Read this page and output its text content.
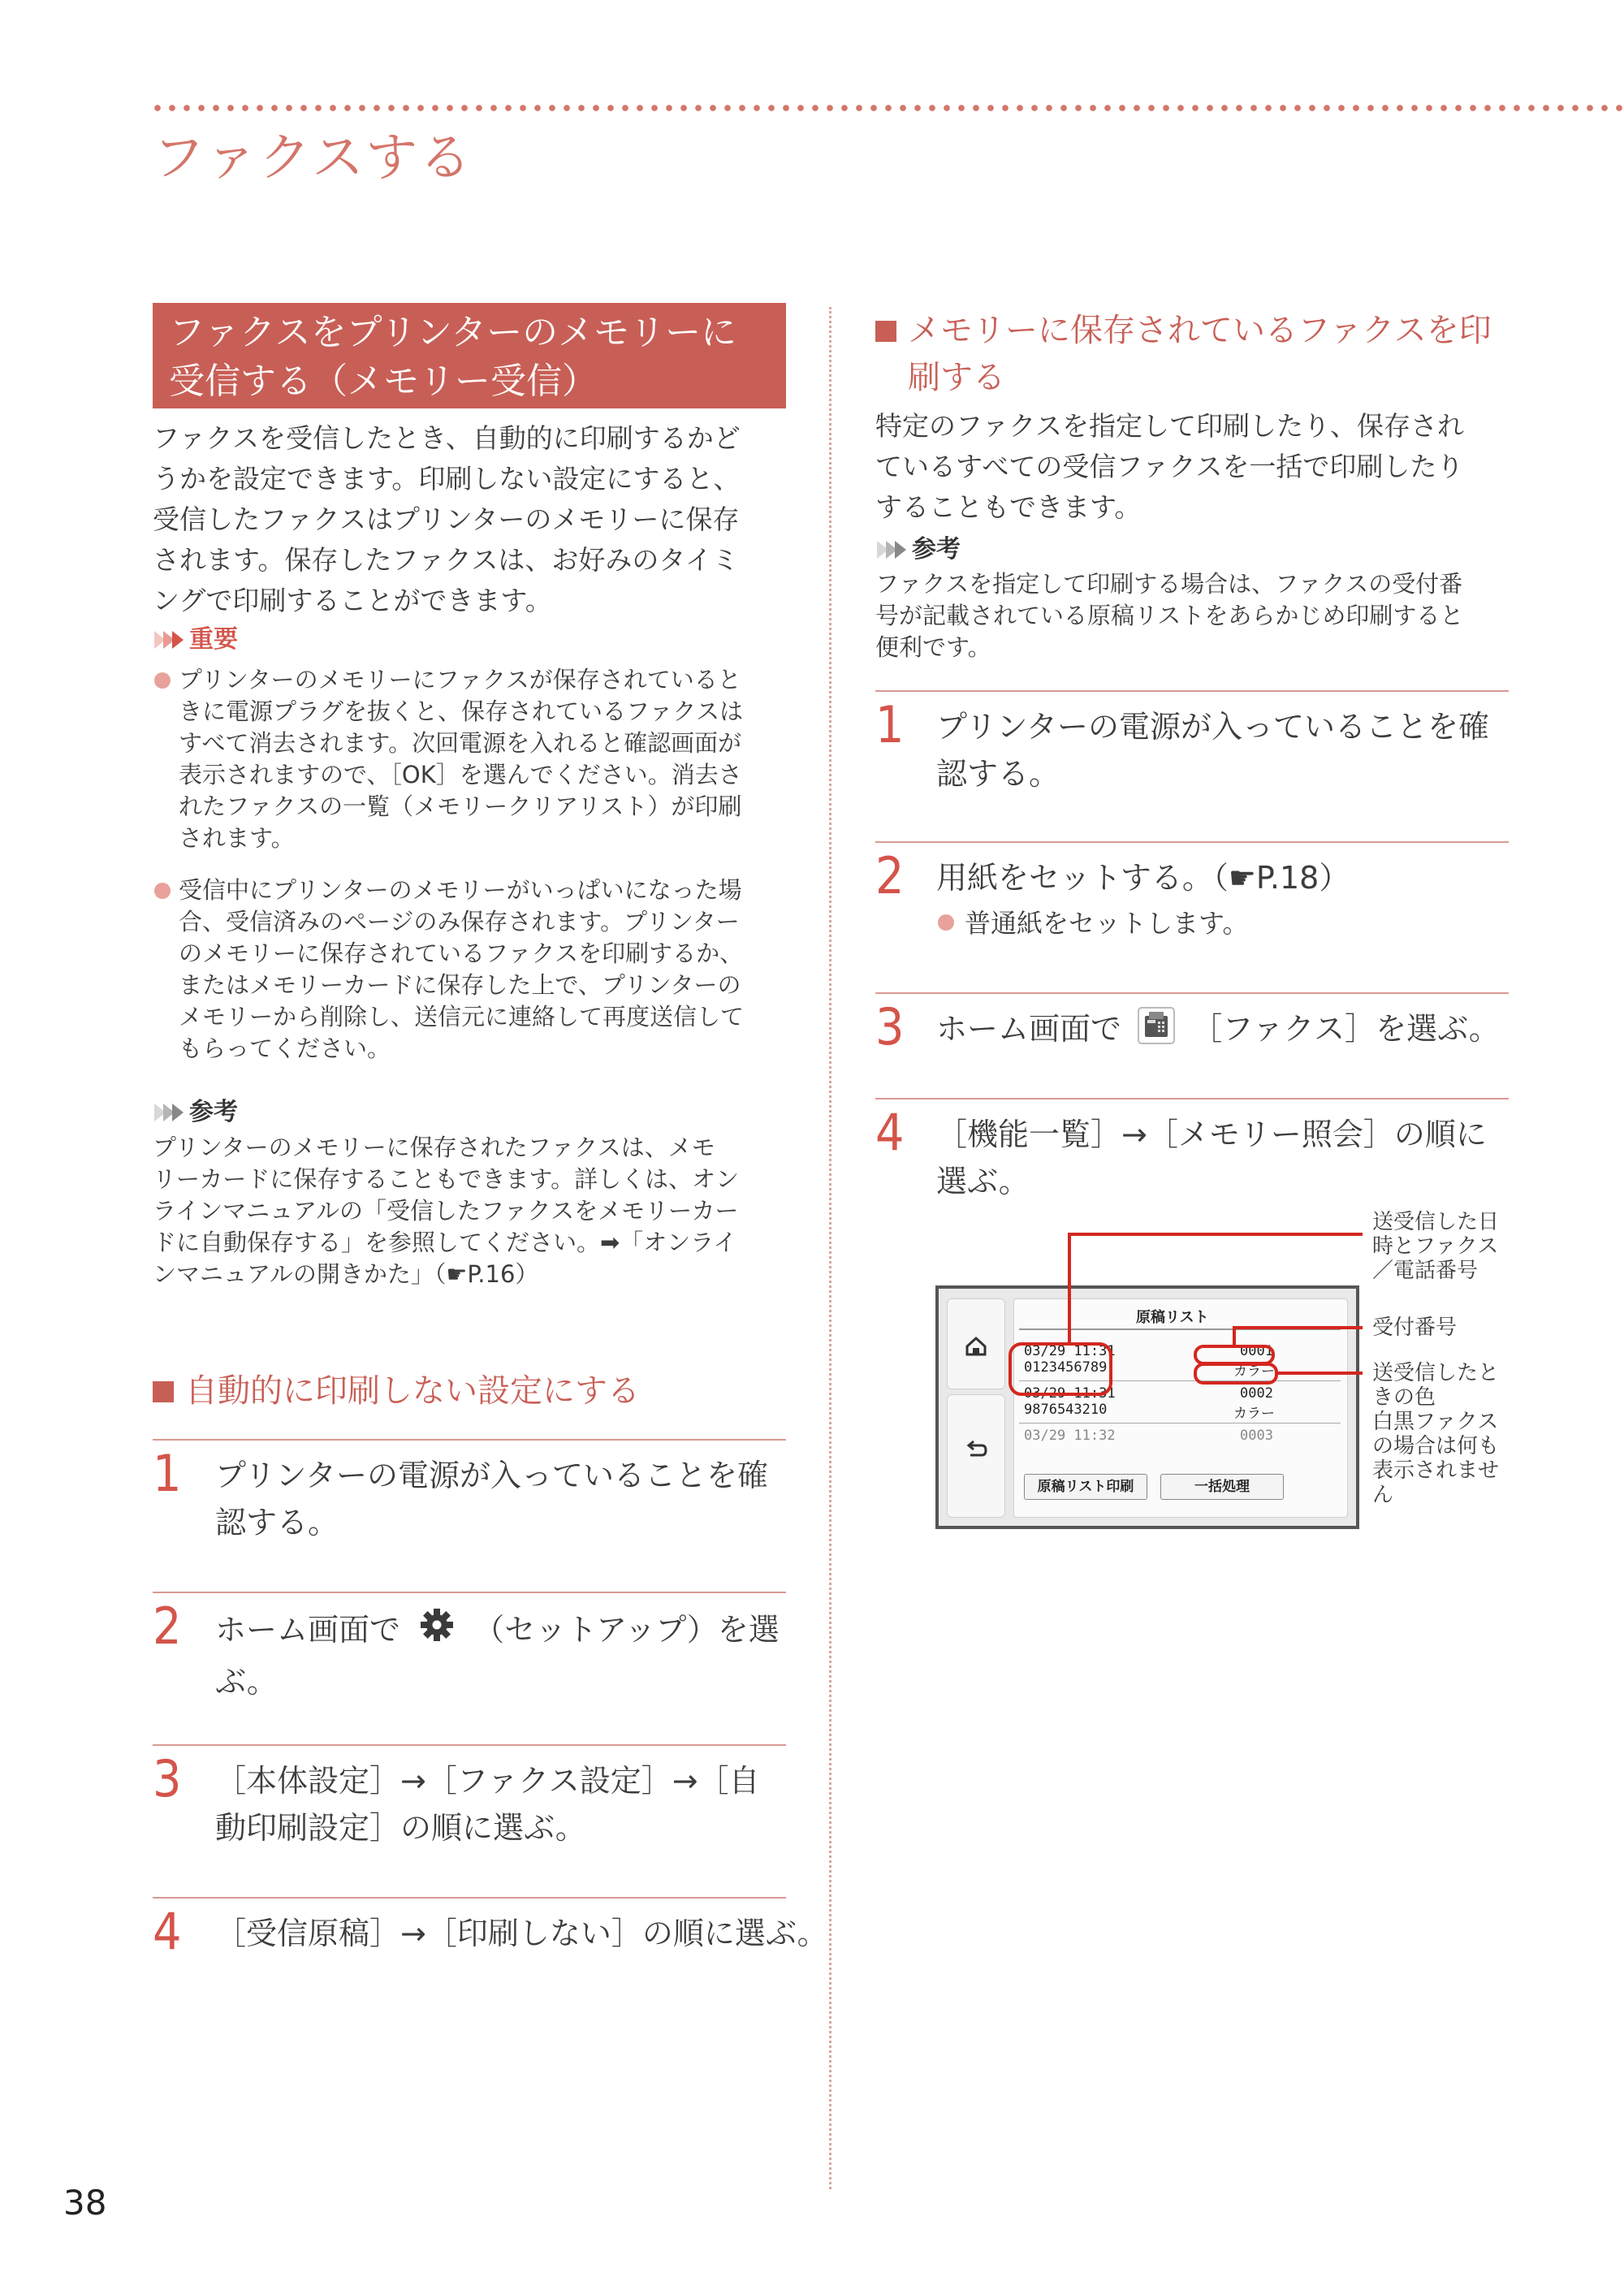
ファクスする
ファクスをプリンターのメモリーに
受信する（メモリー受信）
ファクスを受信したとき、自動的に印刷するかど
うかを設定できます。印刷しない設定にすると、
受信したファクスはプリンターのメモリーに保存
されます。保存したファクスは、お好みのタイミ
ングで印刷することができます。
重要
プリンターのメモリーにファクスが保存されていると
きに電源プラグを抜くと、保存されているファクスは
すべて消去されます。次回電源を入れると確認画面が
表示されますので、［OK］を選んでください。消去さ
れたファクスの一覧（メモリークリアリスト）が印刷
されます。
受信中にプリンターのメモリーがいっぱいになった場
合、受信済みのページのみ保存されます。プリンター
のメモリーに保存されているファクスを印刷するか、
またはメモリーカードに保存した上で、プリンターの
メモリーから削除し、送信元に連絡して再度送信して
もらってください。
参考
プリンターのメモリーに保存されたファクスは、メモ
リーカードに保存することもできます。詳しくは、オン
ラインマニュアルの「受信したファクスをメモリーカー
ドに自動保存する」を参照してください。➡「オンライ
ンマニュアルの開きかた」（☛P.16）
自動的に印刷しない設定にする
1 プリンターの電源が入っていることを確
認する。
2 ホーム画面で （セットアップ）を選
ぶ。
3 ［本体設定］→［ファクス設定］→［自
動印刷設定］の順に選ぶ。
4 ［受信原稿］→［印刷しない］の順に選ぶ。
メモリーに保存されているファクスを印
刷する
特定のファクスを指定して印刷したり、保存され
ているすべての受信ファクスを一括で印刷したり
することもできます。
参考
ファクスを指定して印刷する場合は、ファクスの受付番
号が記載されている原稿リストをあらかじめ印刷すると
便利です。
1 プリンターの電源が入っていることを確
認する。
2 用紙をセットする。（☛P.18）
普通紙をセットします。
3 ホーム画面で ［ファクス］を選ぶ。
4 ［機能一覧］→［メモリー照会］の順に
選ぶ。
原稿リスト
03/29 11:31
0123456789
0001
カラー
03/29 11:31
9876543210
0002
カラー
03/29 11:32	0003
原稿リスト印刷	一括処理
送受信した日
時とファクス
／電話番号
受付番号
送受信したと
きの色
白黒ファクス
の場合は何も
表示されませ
ん
38
